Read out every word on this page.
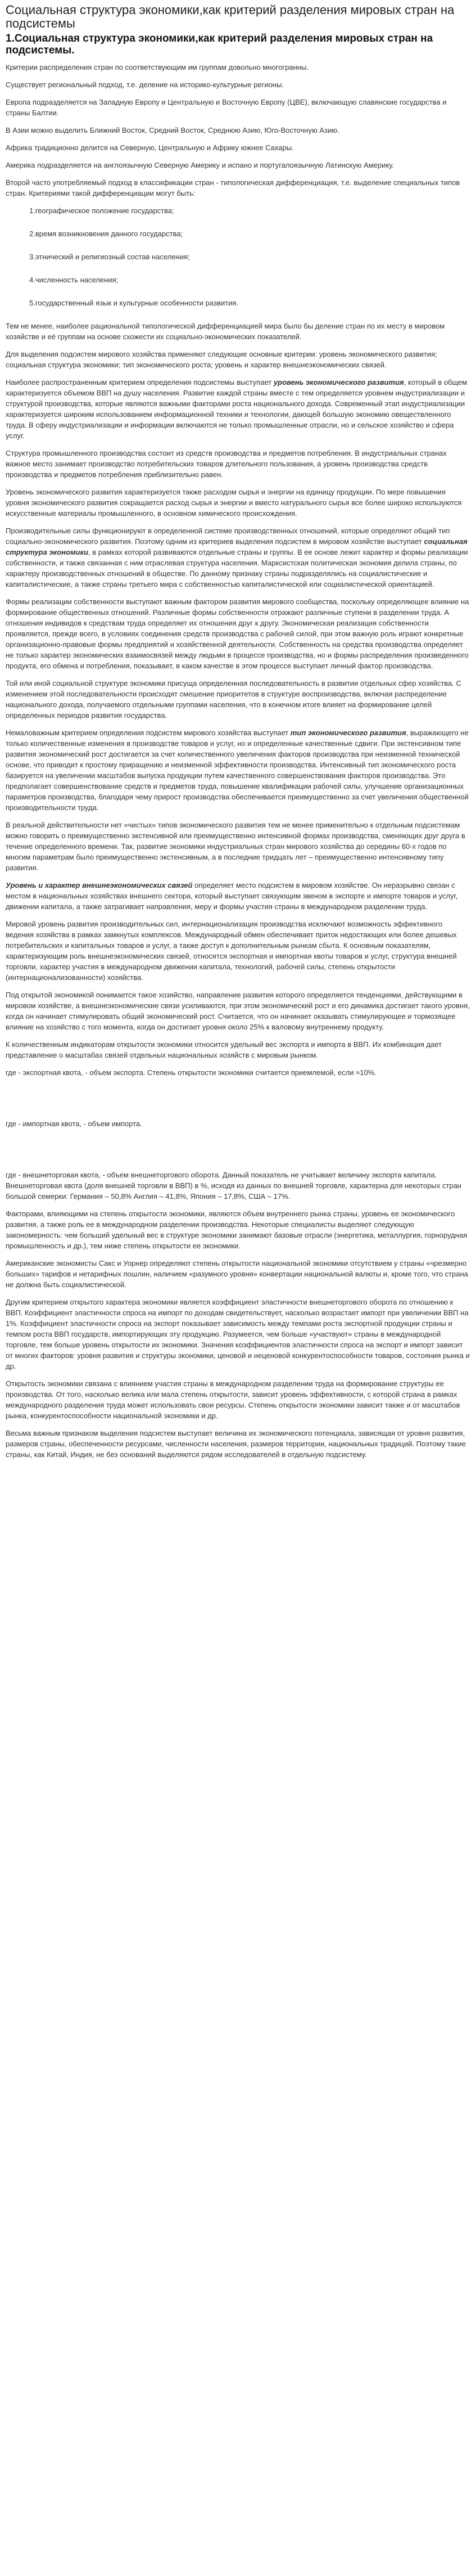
Социальная структура экономики,как критерий разделения мировых стран на подсистемы
1.Социальная структура экономики,как критерий разделения мировых стран на подсистемы.

Критерии распределения стран по соответствующим им группам довольно многогранны.

Существует региональный подход, т.е. деление на историко-культурные регионы.

Европа подразделяется на Западную Европу и Центральную и Восточную Европу (ЦВЕ), включающую славянские государства и страны Балтии.

В Азии можно выделить Ближний Восток, Средний Восток, Среднюю Азию, Юго-Восточную Азию.

Африка традиционно делится на Северную, Центральную и Африку южнее Сахары.

Америка подразделяется на англоязычную Северную Америку и испано и португалоязычную Латинскую Америку.

Второй часто употребляемый подход в классификации стран - типологическая дифференциация, т.е. выделение специальных типов стран. Критериями такой дифференциации могут быть:

1.географическое положение государства;

2.время возникновения данного государства;

3.этнический и религиозный состав населения;

4.численность населения;

5.государственный язык и культурные особенности развития.

Тем не менее, наиболее рациональной типологической дифференциацией мира было бы деление стран по их месту в мировом хозяйстве и её группам на основе схожести их социально-экономических показателей.

Для выделения подсистем мирового хозяйства применяют следующие основные критерии: уровень экономического развития; социальная структура экономики; тип экономического роста; уровень и характер внешнеэкономических связей.

Наиболее распространенным критерием определения подсистемы выступает уровень экономического развития, который в общем характеризуется объемом ВВП на душу населения. Развитие каждой страны вместе с тем определяется уровнем индустриализации и структурой производства, которые являются важными факторами роста национального дохода. Современный этап индустриализации характеризуется широким использованием информационной техники и технологии, дающей большую экономию овеществленного труда. В сферу индустриализации и информации включаются не только промышленные отрасли, но и сельское хозяйство и сфера услуг.

Структура промышленного производства состоит из средств производства и предметов потребления. В индустриальных странах важное место занимает производство потребительских товаров длительного пользования, а уровень производства средств производства и предметов потребления приблизительно равен.

Уровень экономического развития характеризуется также расходом сырья и энергии на единицу продукции. По мере повышения уровня экономического развития сокращается расход сырья и энергии и вместо натурального сырья все более широко используются искусственные материалы промышленного, в основном химического происхождения.

Производительные силы функционируют в определенной системе производственных отношений, которые определяют общий тип социально-экономического развития. Поэтому одним из критериев выделения подсистем в мировом хозяйстве выступает социальная структура экономики, в рамках которой развиваются отдельные страны и группы. В ее основе лежит характер и формы реализации собственности, и также связанная с ним отраслевая структура населения. Марксистская политическая экономия делила страны, по характеру производственных отношений в обществе. По данному признаку страны подразделялись на социалистические и капиталистические, а также страны третьего мира с собственностью капиталистической или социалистической ориентацией.

Формы реализации собственности выступают важным фактором развития мирового сообщества, поскольку определяющее влияние на формирование общественных отношений. Различные формы собственности отражают различные ступени в разделении труда. А отношения индивидов к средствам труда определяет их отношения друг к другу. Экономическая реализация собственности проявляется, прежде всего, в условиях соединения средств производства с рабочей силой, при этом важную роль играют конкретные организационно-правовые формы предприятий и хозяйственной деятельности. Собственность на средства производства определяет не только характер экономических взаимосвязей между людьми в процессе производства, но и формы распределения произведенного продукта, его обмена и потребления, показывает, в каком качестве в этом процессе выступает личный фактор производства.

Той или иной социальной структуре экономики присуща определенная последовательность в развитии отдельных сфер хозяйства. С изменением этой последовательности происходят смешение приоритетов в структуре воспроизводства, включая распределение национального дохода, получаемого отдельными группами населения, что в конечном итоге влияет на формирование целей определенных периодов развития государства.

Немаловажным критерием определения подсистем мирового хозяйства выступает тип экономического развития, выражающего не только количественные изменения в производстве товаров и услуг, но и определенные качественные сдвиги. При экстенсивном типе развития экономический рост достигается за счет количественного увеличения факторов производства при неизменной технической основе, что приводит к простому приращению и неизменной эффективности производства. Интенсивный тип экономического роста базируется на увеличении масштабов выпуска продукции путем качественного совершенствования факторов производства. Это предполагает совершенствование средств и предметов труда, повышение квалификации рабочей силы, улучшение организационных параметров производства, благодаря чему прирост производства обеспечивается преимущественно за счет увеличения общественной производительности труда.

В реальной действительности нет «чистых» типов экономического развития тем не менее применительно к отдельным подсистемам можно говорить о преимущественно экстенсивной или преимущественно интенсивной формах производства, сменяющих друг друга в течение определенного времени. Так, развитие экономики индустриальных стран мирового хозяйства до середины 60-х годов по многим параметрам было преимущественно экстенсивным, а в последние тридцать лет – преимущественно интенсивному типу развития.

Уровень и характер внешнеэкономических связей определяет место подсистем в мировом хозяйстве. Он неразрывно связан с местом в национальных хозяйствах внешнего сектора, который выступает связующим звеном в экспорте и импорте товаров и услуг, движении капитала, а также затрагивает направления, меру и формы участия страны в международном разделении труда.

Мировой уровень развития производительных сил, интернационализация производства исключают возможность эффективного ведения хозяйства в рамках замкнутых комплексов. Международный обмен обеспечивает приток недостающих или более дешевых потребительских и капитальных товаров и услуг, а также доступ к дополнительным рынкам сбыта. К основным показателям, характеризующим роль внешнеэкономических связей, относятся экспортная и импортная квоты товаров и услуг, структура внешней торговли, характер участия в международном движении капитала, технологий, рабочей силы, степень открытости (интернационализованности) хозяйства.

Под открытой экономикой понимается такое хозяйство, направление развития которого определяется тенденциями, действующими в мировом хозяйстве, а внешнеэкономические связи усиливаются, при этом экономический рост и его динамика достигает такого уровня, когда он начинает стимулировать общий экономический рост. Считается, что он начинает оказывать стимулирующее и тормозящее влияние на хозяйство с того момента, когда он достигает уровня около 25% к валовому внутреннему продукту.

К количественным индикаторам открытости экономики относится удельный вес экспорта и импорта в ВВП. Их комбинация дает представление о масштабах связей отдельных национальных хозяйств с мировым рынком.

где - экспортная квота, - объем экспорта. Степень открытости экономики считается приемлемой, если ≈10%.

где - импортная квота, - объем импорта.

где - внешнеторговая квота, - объем внешнеторгового оборота. Данный показатель не учитывает величину экспорта капитала. Внешнеторговая квота (доля внешней торговли в ВВП) в %, исходя из данных по внешней торговле, характерна для некоторых стран большой семерки: Германия – 50,8% Англия – 41,8%, Япония – 17,8%, США – 17%.

Факторами, влияющими на степень открытости экономики, являются объем внутреннего рынка страны, уровень ее экономического развития, а также роль ее в международном разделении производства. Некоторые специалисты выделяют следующую закономерность: чем больший удельный вес в структуре экономики занимают базовые отрасли (энергетика, металлургия, горнорудная промышленность и др.), тем ниже степень открытости ее экономики.

Американские экономисты Сакс и Уорнер определяют степень открытости национальной экономики отсутствием у страны «чрезмерно больших» тарифов и нетарифных пошлин, наличием «разумного уровня» конвертации национальной валюты и, кроме того, что страна не должна быть социалистической.

Другим критерием открытого характера экономики является коэффициент эластичности внешнеторгового оборота по отношению к ВВП. Коэффициент эластичности спроса на импорт по доходам свидетельствует, насколько возрастает импорт при увеличении ВВП на 1%. Коэффициент эластичности спроса на экспорт показывает зависимость между темпами роста экспортной продукции страны и темпом роста ВВП государств, импортирующих эту продукцию. Разумеется, чем больше «участвуют» страны в международной торговле, тем больше уровень открытости их экономики. Значения коэффициентов эластичности спроса на экспорт и импорт зависит от многих факторов: уровня развития и структуры экономики, ценовой и неценовой конкурентоспособности товаров, состояния рынка и др.

Открытость экономики связана с влиянием участия страны в международном разделении труда на формирование структуры ее производства. От того, насколько велика или мала степень открытости, зависит уровень эффективности, с которой страна в рамках международного разделения труда может использовать свои ресурсы. Степень открытости экономики зависит также и от масштабов рынка, конкурентоспособности национальной экономики и др.

Весьма важным признаком выделения подсистем выступает величина их экономического потенциала, зависящая от уровня развития, размеров страны, обеспеченности ресурсами, численности населения, размеров территории, национальных традиций. Поэтому такие страны, как Китай, Индия, не без оснований выделяются рядом исследователей в отдельную подсистему.
